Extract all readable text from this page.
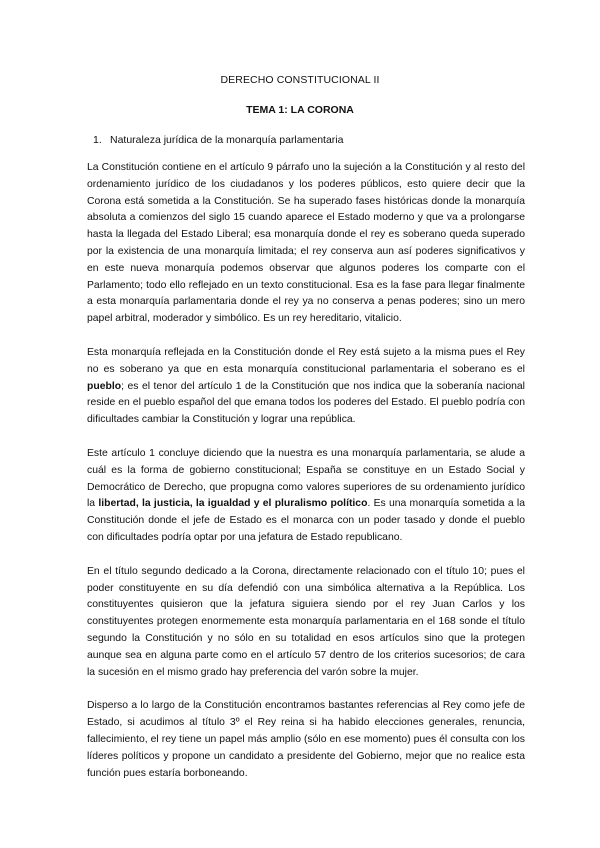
DERECHO CONSTITUCIONAL II
TEMA 1: LA CORONA
1. Naturaleza jurídica de la monarquía parlamentaria

La Constitución contiene en el artículo 9 párrafo uno la sujeción a la Constitución y al resto del ordenamiento jurídico de los ciudadanos y los poderes públicos, esto quiere decir que la Corona está sometida a la Constitución. Se ha superado fases históricas donde la monarquía absoluta a comienzos del siglo 15 cuando aparece el Estado moderno y que va a prolongarse hasta la llegada del Estado Liberal; esa monarquía donde el rey es soberano queda superado por la existencia de una monarquía limitada; el rey conserva aun así poderes significativos y en este nueva monarquía podemos observar que algunos poderes los comparte con el Parlamento; todo ello reflejado en un texto constitucional. Esa es la fase para llegar finalmente a esta monarquía parlamentaria donde el rey ya no conserva a penas poderes; sino un mero papel arbitral, moderador y simbólico. Es un rey hereditario, vitalicio.

Esta monarquía reflejada en la Constitución donde el Rey está sujeto a la misma pues el Rey no es soberano ya que en esta monarquía constitucional parlamentaria el soberano es el pueblo; es el tenor del artículo 1 de la Constitución que nos indica que la soberanía nacional reside en el pueblo español del que emana todos los poderes del Estado. El pueblo podría con dificultades cambiar la Constitución y lograr una república.

Este artículo 1 concluye diciendo que la nuestra es una monarquía parlamentaria, se alude a cuál es la forma de gobierno constitucional; España se constituye en un Estado Social y Democrático de Derecho, que propugna como valores superiores de su ordenamiento jurídico la libertad, la justicia, la igualdad y el pluralismo político. Es una monarquía sometida a la Constitución donde el jefe de Estado es el monarca con un poder tasado y donde el pueblo con dificultades podría optar por una jefatura de Estado republicano.

En el título segundo dedicado a la Corona, directamente relacionado con el título 10; pues el poder constituyente en su día defendió con una simbólica alternativa a la República. Los constituyentes quisieron que la jefatura siguiera siendo por el rey Juan Carlos y los constituyentes protegen enormemente esta monarquía parlamentaria en el 168 sonde el título segundo la Constitución y no sólo en su totalidad en esos artículos sino que la protegen aunque sea en alguna parte como en el artículo 57 dentro de los criterios sucesorios; de cara la sucesión en el mismo grado hay preferencia del varón sobre la mujer.

Disperso a lo largo de la Constitución encontramos bastantes referencias al Rey como jefe de Estado, si acudimos al título 3º el Rey reina si ha habido elecciones generales, renuncia, fallecimiento, el rey tiene un papel más amplio (sólo en ese momento) pues él consulta con los líderes políticos y propone un candidato a presidente del Gobierno, mejor que no realice esta función pues estaría borboneando.
